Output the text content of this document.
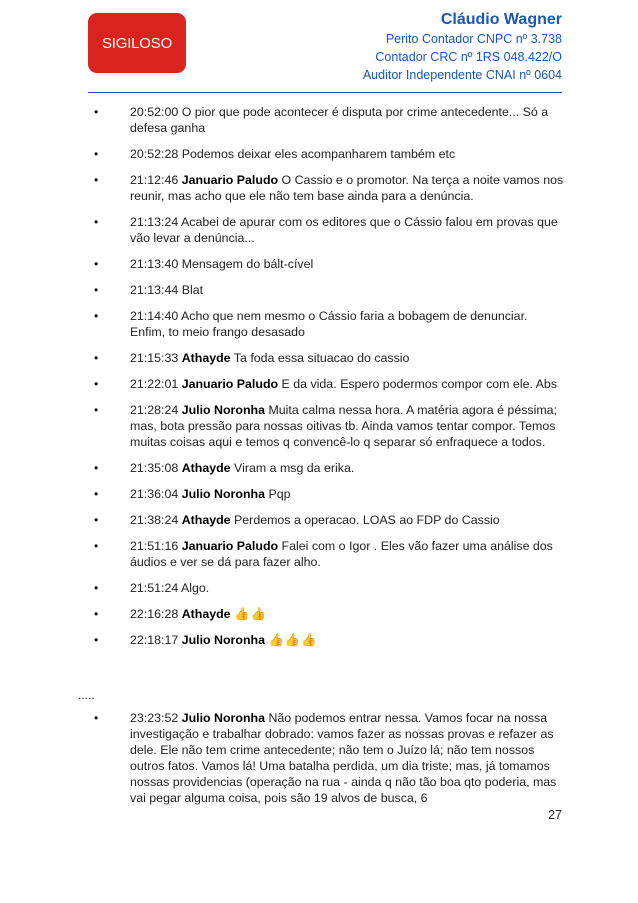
SIGILOSO
Cláudio Wagner
Perito Contador CNPC nº 3.738
Contador CRC nº 1RS 048.422/O
Auditor Independente CNAI nº 0604
• 20:52:00 O pior que pode acontecer é disputa por crime antecedente... Só a defesa ganha
• 20:52:28 Podemos deixar eles acompanharem também etc
• 21:12:46 Januario Paludo O Cassio e o promotor. Na terça a noite vamos nos reunir, mas acho que ele não tem base ainda para a denúncia.
• 21:13:24 Acabei de apurar com os editores que o Cássio falou em provas que vão levar a denúncia...
• 21:13:40 Mensagem do bált-cível
• 21:13:44 Blat
• 21:14:40 Acho que nem mesmo o Cássio faria a bobagem de denunciar. Enfim, to meio frango desasado
• 21:15:33 Athayde Ta foda essa situacao do cassio
• 21:22:01 Januario Paludo E da vida. Espero podermos compor com ele. Abs
• 21:28:24 Julio Noronha Muita calma nessa hora. A matéria agora é péssima; mas, bota pressão para nossas oitivas tb. Ainda vamos tentar compor. Temos muitas coisas aqui e temos q convencê-lo q separar só enfraquece a todos.
• 21:35:08 Athayde Viram a msg da erika.
• 21:36:04 Julio Noronha Pqp
• 21:38:24 Athayde Perdemos a operacao. LOAS ao FDP do Cassio
• 21:51:16 Januario Paludo Falei com o Igor . Eles vão fazer uma análise dos áudios e ver se dá para fazer alho.
• 21:51:24 Algo.
• 22:16:28 Athayde 👍👍
• 22:18:17 Julio Noronha 👍👍👍
.....
• 23:23:52 Julio Noronha Não podemos entrar nessa. Vamos focar na nossa investigação e trabalhar dobrado: vamos fazer as nossas provas e refazer as dele. Ele não tem crime antecedente; não tem o Juízo lá; não tem nossos outros fatos. Vamos lá! Uma batalha perdida, um dia triste; mas, já tomamos nossas providencias (operação na rua - ainda q não tão boa qto poderia, mas vai pegar alguma coisa, pois são 19 alvos de busca, 6
27
